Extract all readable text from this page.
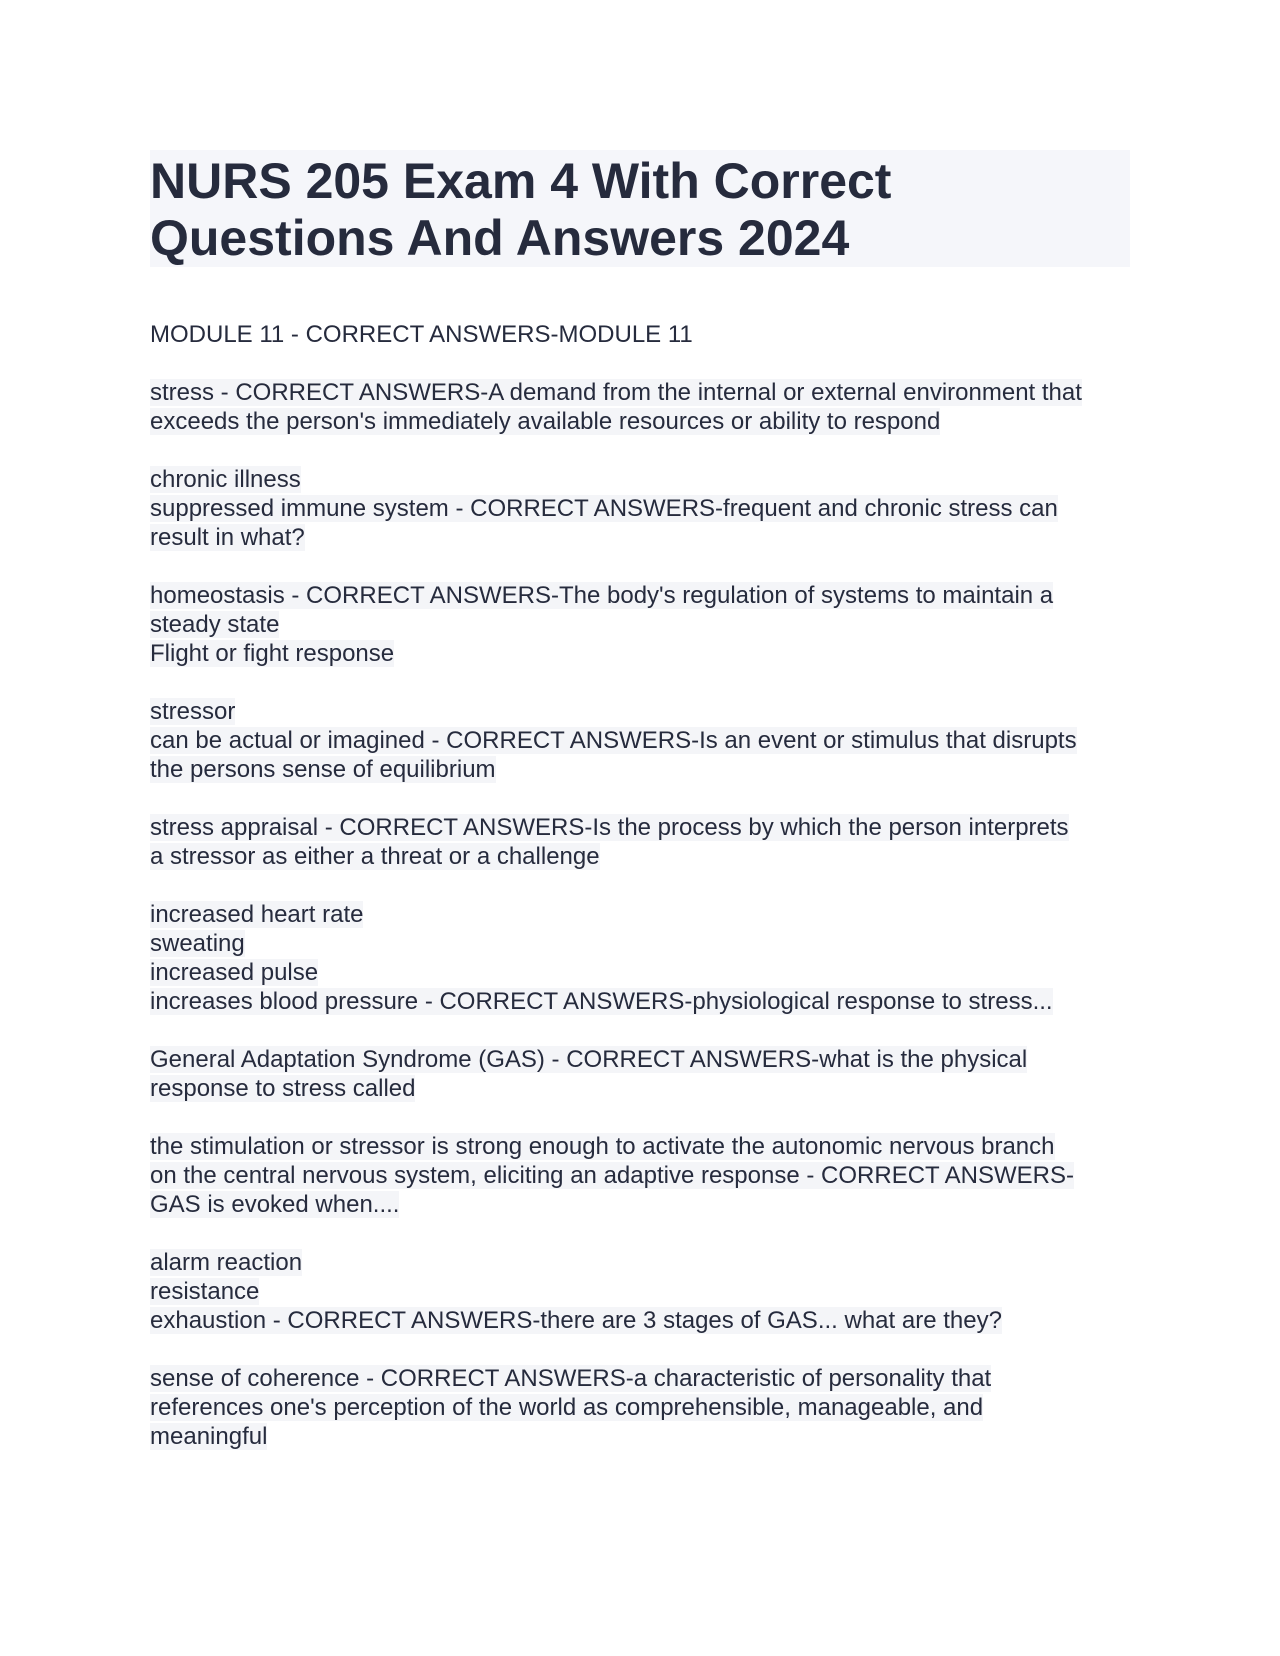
NURS 205 Exam 4 With Correct Questions And Answers 2024
MODULE 11 - CORRECT ANSWERS-MODULE 11
stress - CORRECT ANSWERS-A demand from the internal or external environment that
exceeds the person's immediately available resources or ability to respond
chronic illness
suppressed immune system - CORRECT ANSWERS-frequent and chronic stress can
result in what?
homeostasis - CORRECT ANSWERS-The body's regulation of systems to maintain a
steady state
Flight or fight response
stressor
can be actual or imagined - CORRECT ANSWERS-Is an event or stimulus that disrupts
the persons sense of equilibrium
stress appraisal - CORRECT ANSWERS-Is the process by which the person interprets
a stressor as either a threat or a challenge
increased heart rate
sweating
increased pulse
increases blood pressure - CORRECT ANSWERS-physiological response to stress...
General Adaptation Syndrome (GAS) - CORRECT ANSWERS-what is the physical
response to stress called
the stimulation or stressor is strong enough to activate the autonomic nervous branch
on the central nervous system, eliciting an adaptive response - CORRECT ANSWERS-
GAS is evoked when....
alarm reaction
resistance
exhaustion - CORRECT ANSWERS-there are 3 stages of GAS... what are they?
sense of coherence - CORRECT ANSWERS-a characteristic of personality that
references one's perception of the world as comprehensible, manageable, and
meaningful
